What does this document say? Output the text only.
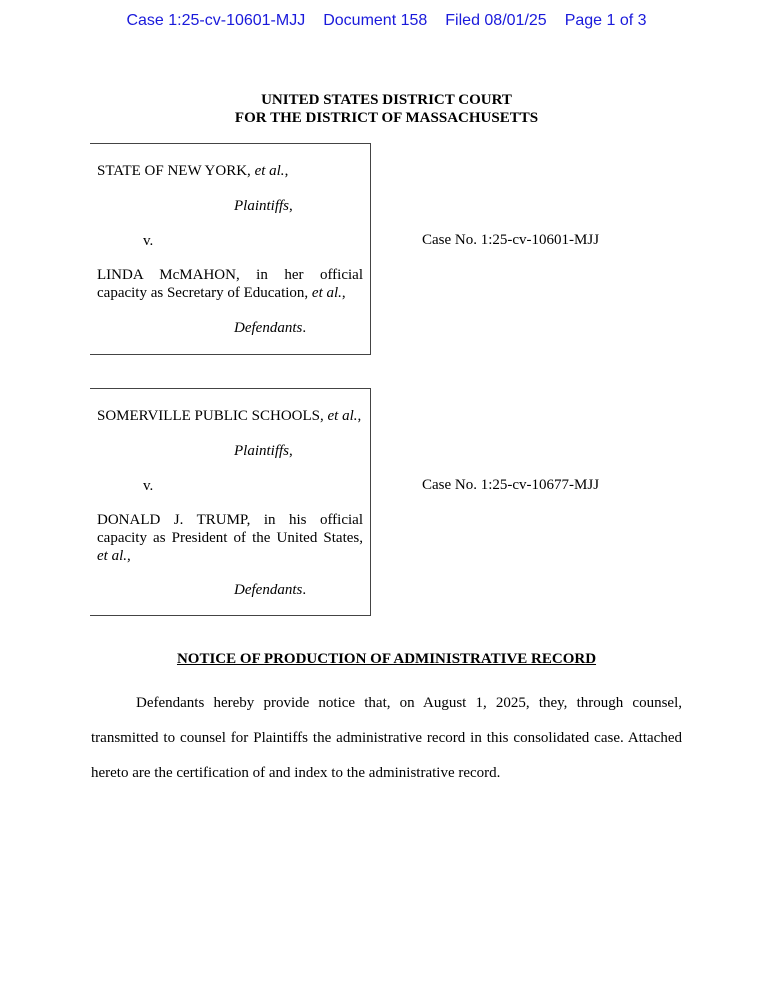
Case 1:25-cv-10601-MJJ Document 158 Filed 08/01/25 Page 1 of 3
UNITED STATES DISTRICT COURT
FOR THE DISTRICT OF MASSACHUSETTS
STATE OF NEW YORK, et al.,
Plaintiffs,
v.
LINDA McMAHON, in her official capacity as Secretary of Education, et al.,
Defendants.
Case No. 1:25-cv-10601-MJJ
SOMERVILLE PUBLIC SCHOOLS, et al.,
Plaintiffs,
v.
DONALD J. TRUMP, in his official capacity as President of the United States, et al.,
Defendants.
Case No. 1:25-cv-10677-MJJ
NOTICE OF PRODUCTION OF ADMINISTRATIVE RECORD

Defendants hereby provide notice that, on August 1, 2025, they, through counsel, transmitted to counsel for Plaintiffs the administrative record in this consolidated case. Attached hereto are the certification of and index to the administrative record.
